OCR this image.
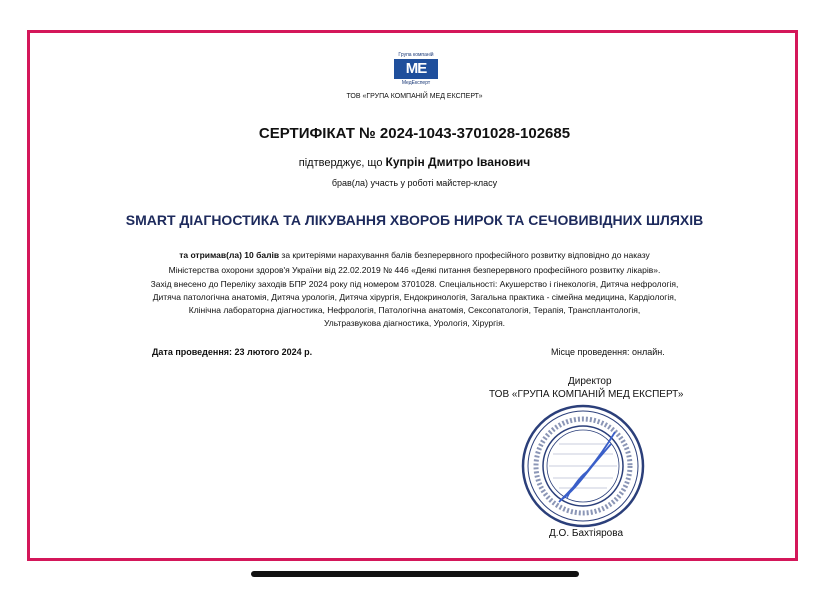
Група компаній
МЕ
МедЕксперт
ТОВ «ГРУПА КОМПАНІЙ МЕД ЕКСПЕРТ»
СЕРТИФІКАТ № 2024-1043-3701028-102685
підтверджує, що Купрін Дмитро Іванович
брав(ла) участь у роботі майстер-класу
SMART ДІАГНОСТИКА ТА ЛІКУВАННЯ ХВОРОБ НИРОК ТА СЕЧОВИВІДНИХ ШЛЯХІВ
та отримав(ла) 10 балів за критеріями нарахування балів безперервного професійного розвитку відповідно до наказу
Міністерства охорони здоров'я України від 22.02.2019 № 446 «Деякі питання безперервного професійного розвитку лікарів».
Захід внесено до Переліку заходів БПР 2024 року під номером 3701028. Спеціальності: Акушерство і гінекологія, Дитяча нефрологія,
Дитяча патологічна анатомія, Дитяча урологія, Дитяча хірургія, Ендокринологія, Загальна практика - сімейна медицина, Кардіологія,
Клінічна лабораторна діагностика, Нефрологія, Патологічна анатомія, Сексопатологія, Терапія, Трансплантологія,
Ультразвукова діагностика, Урологія, Хірургія.
Дата проведення: 23 лютого 2024 р.	Місце проведення: онлайн.
Директор
ТОВ «ГРУПА КОМПАНІЙ МЕД ЕКСПЕРТ»
Д.О. Бахтіярова
